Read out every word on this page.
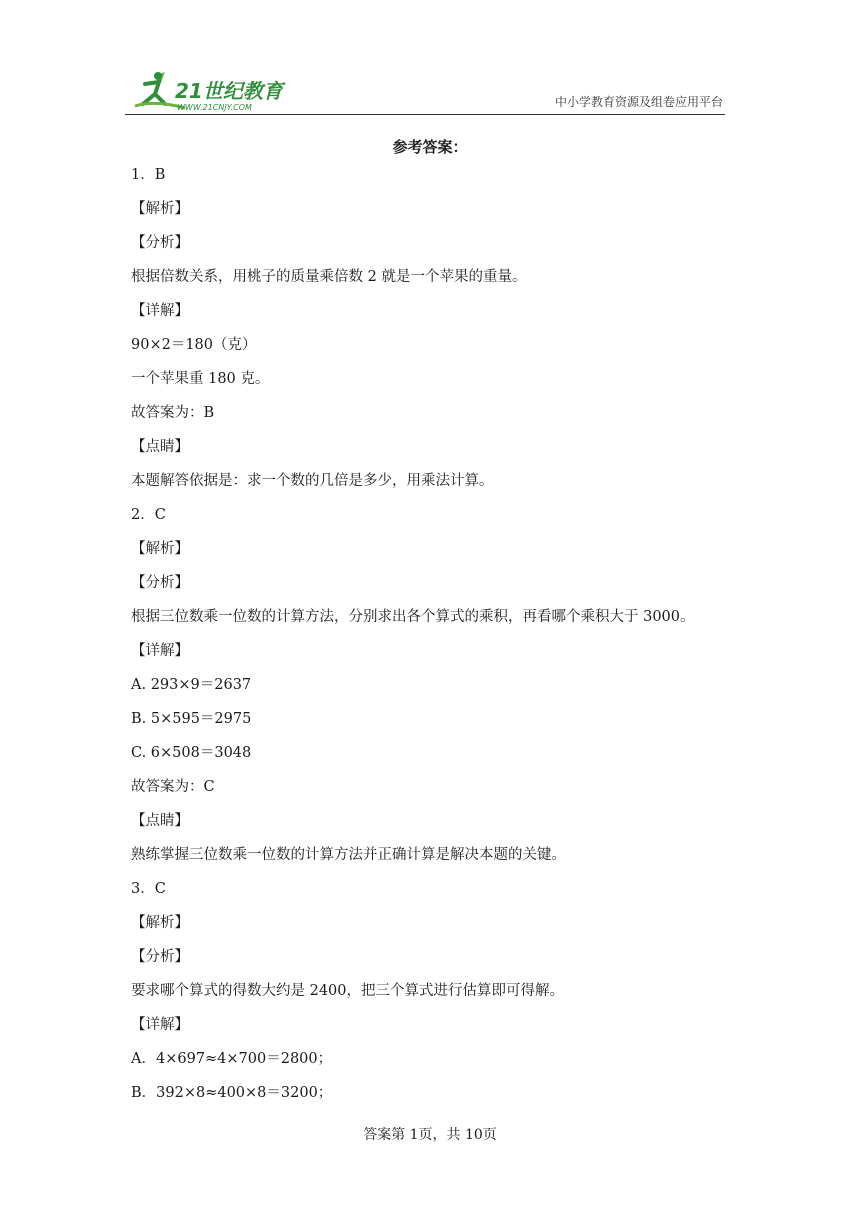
21世纪教育
WWW.21CNJY.COM	中小学教育资源及组卷应用平台
参考答案：
1．B
【解析】
【分析】
根据倍数关系，用桃子的质量乘倍数 2 就是一个苹果的重量。
【详解】
90×2＝180（克）
一个苹果重 180 克。
故答案为：B
【点睛】
本题解答依据是：求一个数的几倍是多少，用乘法计算。
2．C
【解析】
【分析】
根据三位数乘一位数的计算方法，分别求出各个算式的乘积，再看哪个乘积大于 3000。
【详解】
A. 293×9＝2637
B. 5×595＝2975
C. 6×508＝3048
故答案为：C
【点睛】
熟练掌握三位数乘一位数的计算方法并正确计算是解决本题的关键。
3．C
【解析】
【分析】
要求哪个算式的得数大约是 2400，把三个算式进行估算即可得解。
【详解】
A．4×697≈4×700＝2800；
B．392×8≈400×8＝3200；
答案第 1页，共 10页
